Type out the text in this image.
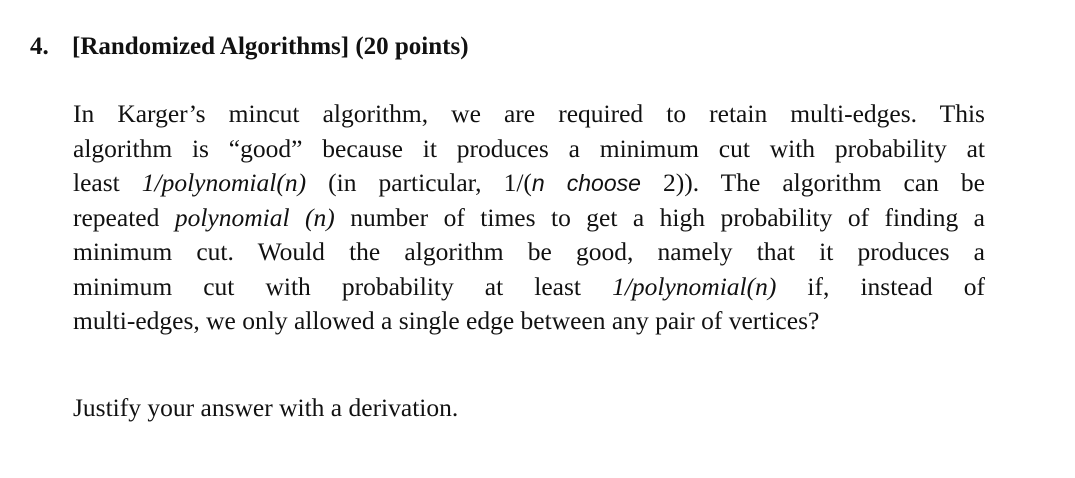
4. [Randomized Algorithms] (20 points)
In Karger’s mincut algorithm, we are required to retain multi-edges. This
algorithm is “good” because it produces a minimum cut with probability at
least 1/polynomial(n) (in particular, 1/(n choose 2)). The algorithm can be
repeated polynomial (n) number of times to get a high probability of finding a
minimum cut. Would the algorithm be good, namely that it produces a
minimum cut with probability at least 1/polynomial(n) if, instead of
multi-edges, we only allowed a single edge between any pair of vertices?
Justify your answer with a derivation.
